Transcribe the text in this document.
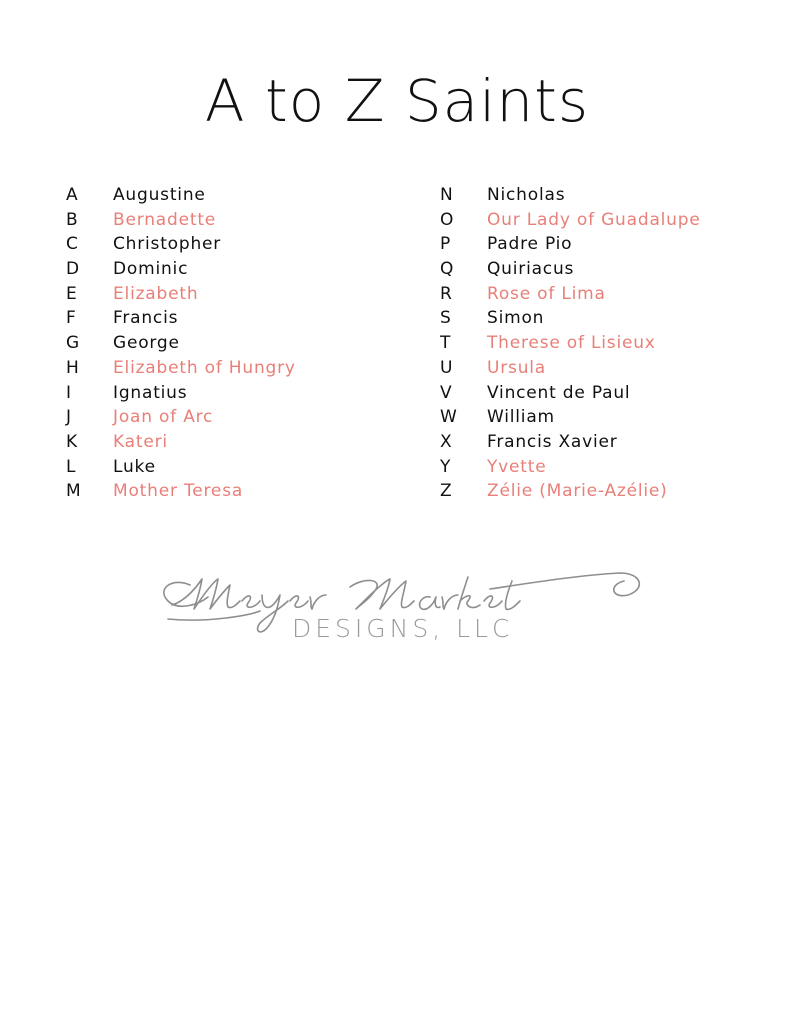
A to Z Saints
A Augustine
B Bernadette
C Christopher
D Dominic
E Elizabeth
F Francis
G George
H Elizabeth of Hungry
I Ignatius
J Joan of Arc
K Kateri
L Luke
M Mother Teresa
N Nicholas
O Our Lady of Guadalupe
P Padre Pio
Q Quiriacus
R Rose of Lima
S Simon
T Therese of Lisieux
U Ursula
V Vincent de Paul
W William
X Francis Xavier
Y Yvette
Z Zélie (Marie-Azélie)
DESIGNS, LLC
